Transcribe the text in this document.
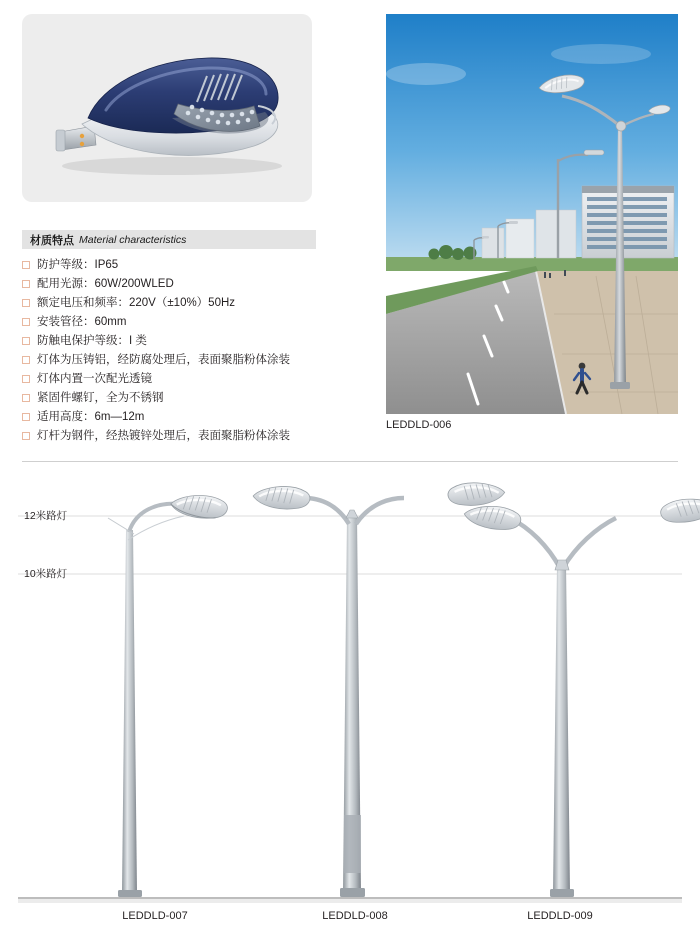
材质特点 Material characteristics
防护等级：IP65
配用光源：60W/200WLED
额定电压和频率：220V（±10%）50Hz
安装管径：60mm
防触电保护等级：I 类
灯体为压铸铝，经防腐处理后，表面聚脂粉体涂装
灯体内置一次配光透镜
紧固件螺钉，全为不锈钢
适用高度：6m—12m
灯杆为钢件，经热镀锌处理后，表面聚脂粉体涂装
LEDDLD-006
12米路灯
10米路灯
LEDDLD-007	LEDDLD-008	LEDDLD-009
